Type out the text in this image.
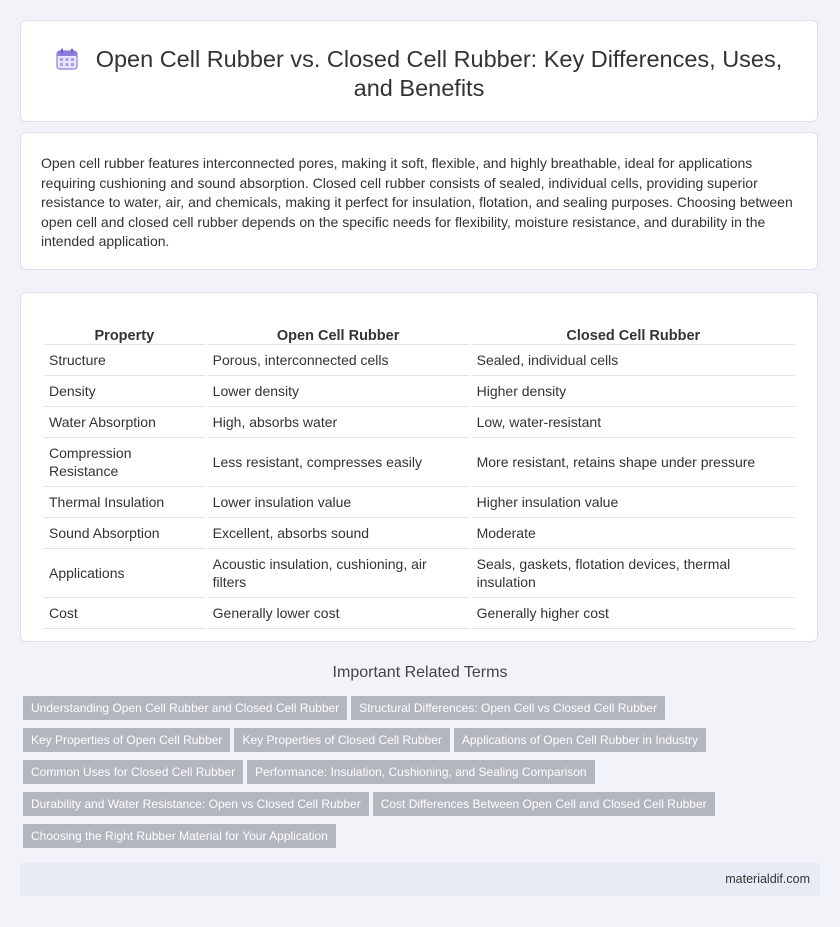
Open Cell Rubber vs. Closed Cell Rubber: Key Differences, Uses, and Benefits
Open cell rubber features interconnected pores, making it soft, flexible, and highly breathable, ideal for applications requiring cushioning and sound absorption. Closed cell rubber consists of sealed, individual cells, providing superior resistance to water, air, and chemicals, making it perfect for insulation, flotation, and sealing purposes. Choosing between open cell and closed cell rubber depends on the specific needs for flexibility, moisture resistance, and durability in the intended application.
Property	Open Cell Rubber	Closed Cell Rubber
Structure	Porous, interconnected cells	Sealed, individual cells
Density	Lower density	Higher density
Water Absorption	High, absorbs water	Low, water-resistant
Compression Resistance	Less resistant, compresses easily	More resistant, retains shape under pressure
Thermal Insulation	Lower insulation value	Higher insulation value
Sound Absorption	Excellent, absorbs sound	Moderate
Applications	Acoustic insulation, cushioning, air filters	Seals, gaskets, flotation devices, thermal insulation
Cost	Generally lower cost	Generally higher cost
Important Related Terms
Understanding Open Cell Rubber and Closed Cell Rubber Structural Differences: Open Cell vs Closed Cell Rubber
Key Properties of Open Cell Rubber Key Properties of Closed Cell Rubber Applications of Open Cell Rubber in Industry
Common Uses for Closed Cell Rubber Performance: Insulation, Cushioning, and Sealing Comparison
Durability and Water Resistance: Open vs Closed Cell Rubber Cost Differences Between Open Cell and Closed Cell Rubber
Choosing the Right Rubber Material for Your Application
materialdif.com
